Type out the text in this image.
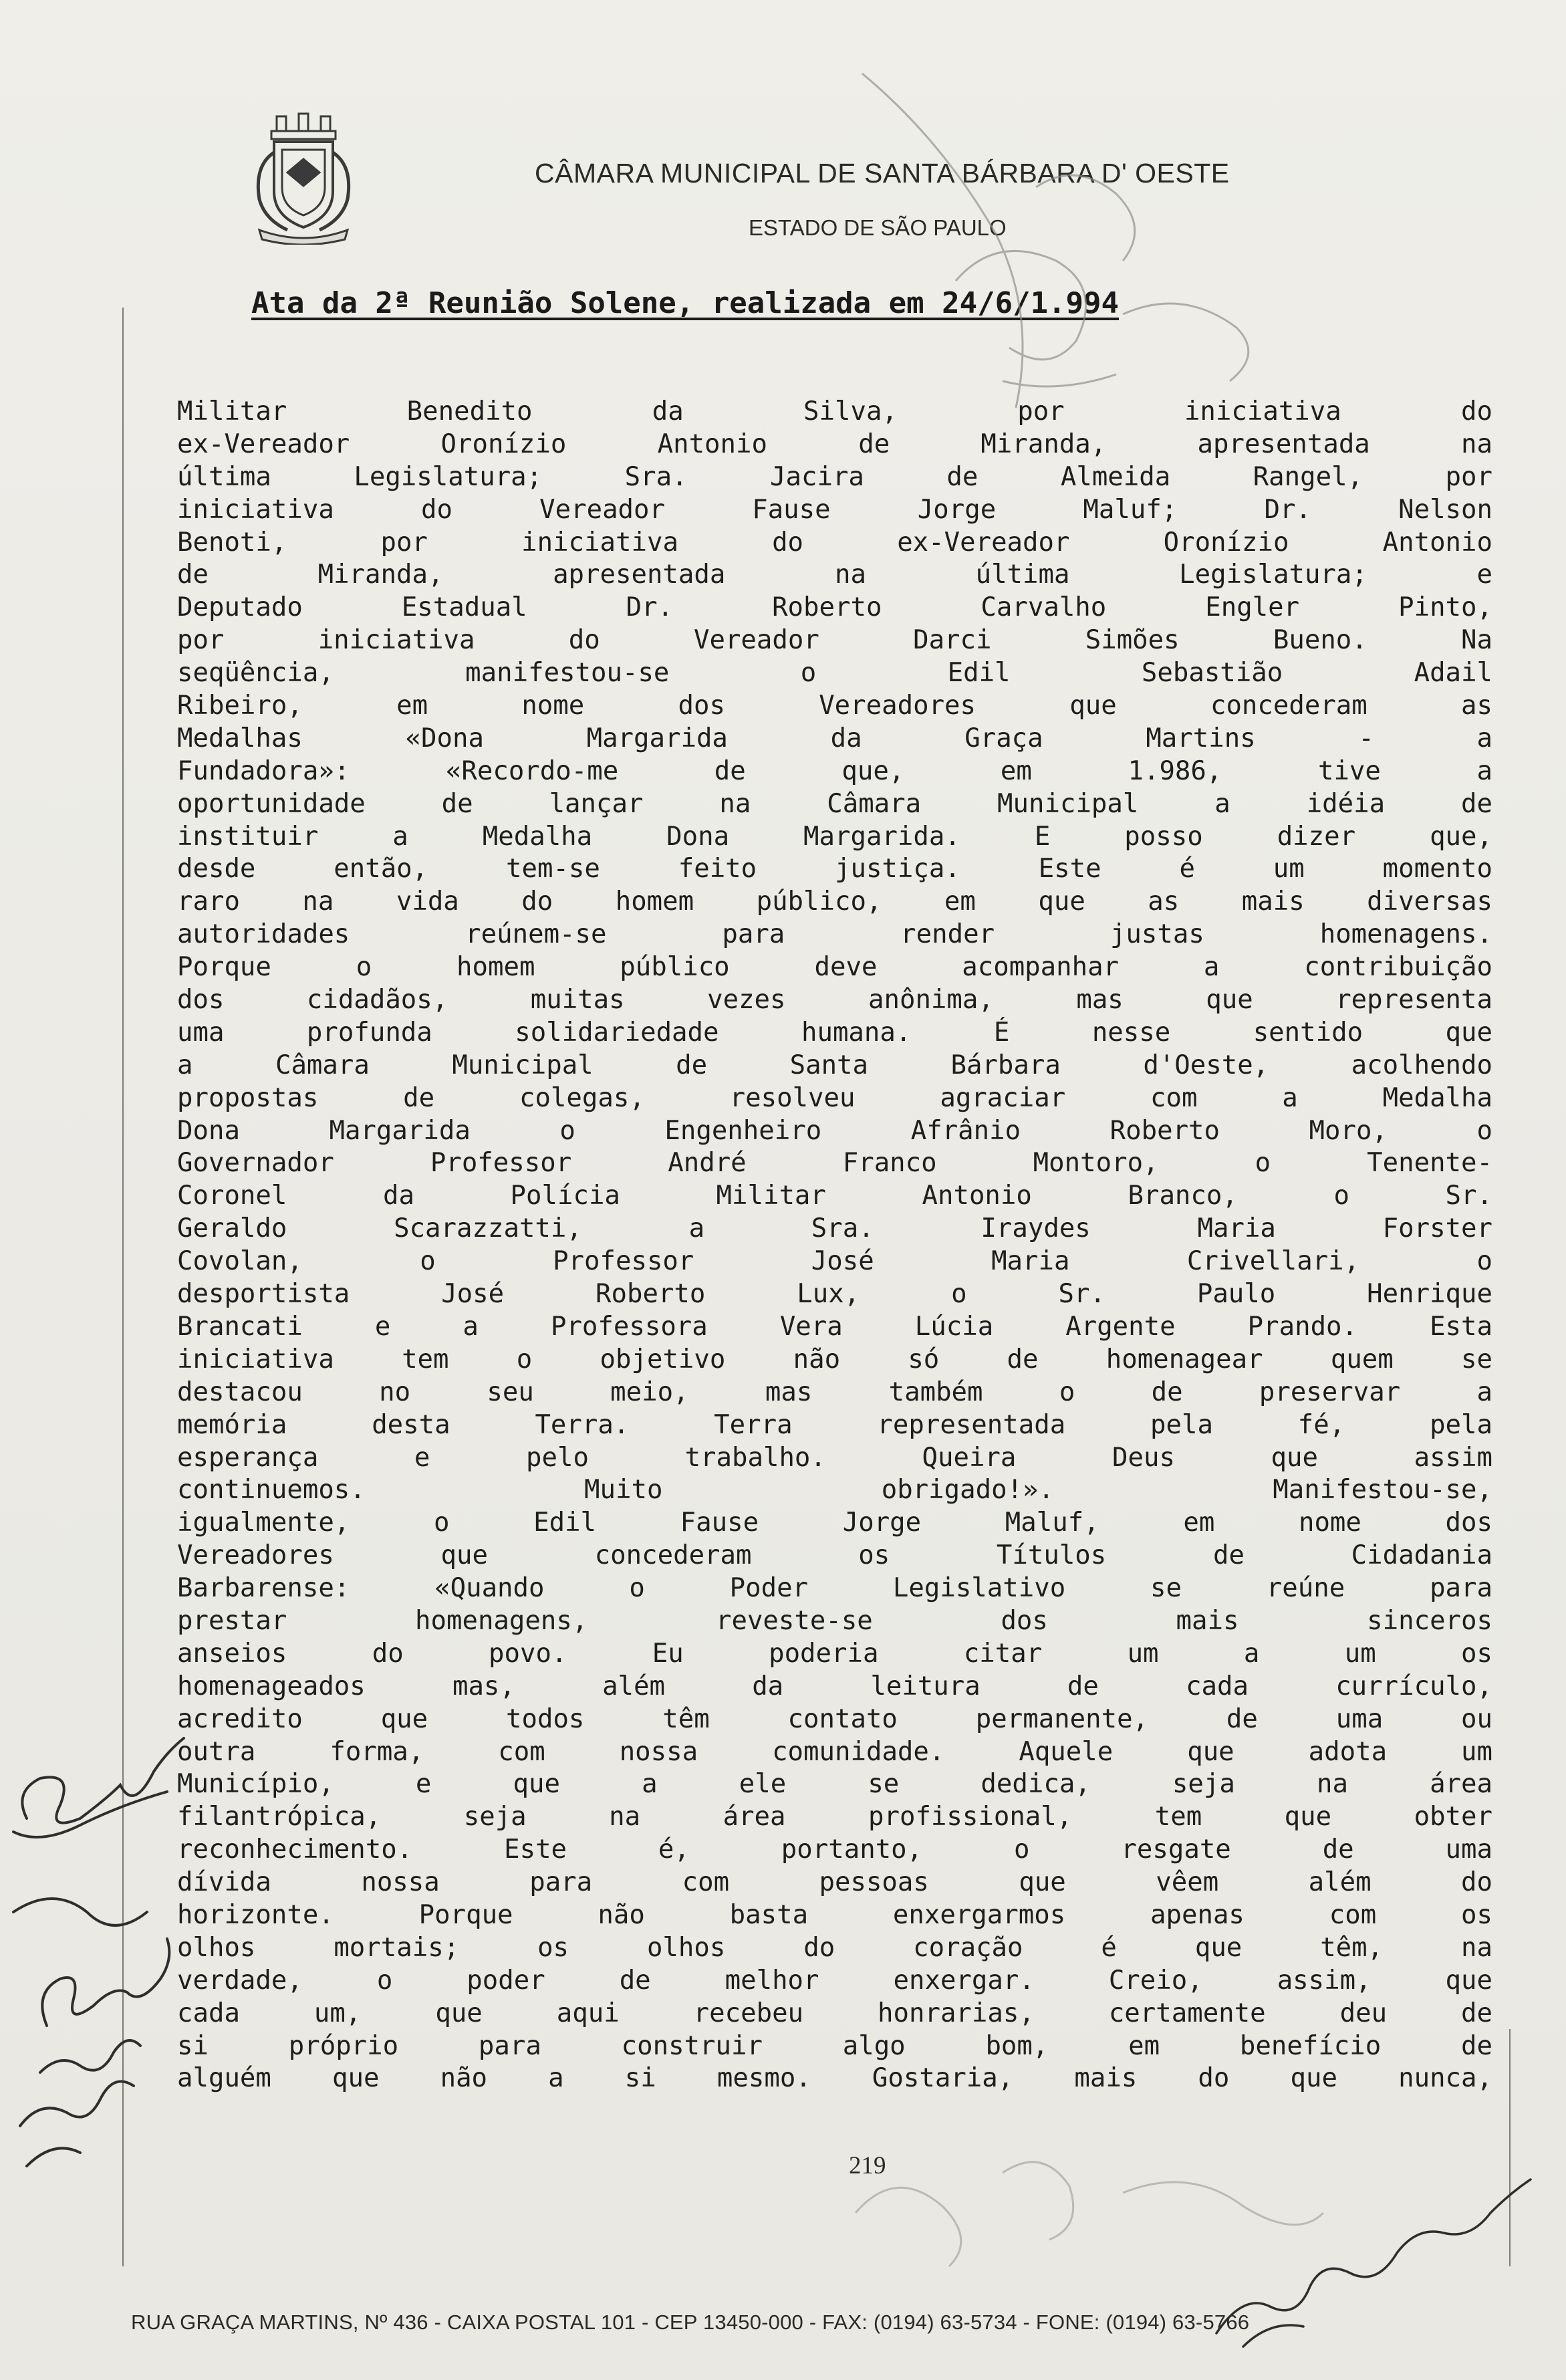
CÂMARA MUNICIPAL DE SANTA BÁRBARA D' OESTE
ESTADO DE SÃO PAULO
Ata da 2ª Reunião Solene, realizada em 24/6/1.994
Militar Benedito da Silva, por iniciativa do
ex-Vereador Oronízio Antonio de Miranda, apresentada na
última Legislatura; Sra. Jacira de Almeida Rangel, por
iniciativa do Vereador Fause Jorge Maluf; Dr. Nelson
Benoti, por iniciativa do ex-Vereador Oronízio Antonio
de Miranda, apresentada na última Legislatura; e
Deputado Estadual Dr. Roberto Carvalho Engler Pinto,
por iniciativa do Vereador Darci Simões Bueno. Na
seqüência, manifestou-se o Edil Sebastião Adail
Ribeiro, em nome dos Vereadores que concederam as
Medalhas «Dona Margarida da Graça Martins - a
Fundadora»: «Recordo-me de que, em 1.986, tive a
oportunidade de lançar na Câmara Municipal a idéia de
instituir a Medalha Dona Margarida. E posso dizer que,
desde então, tem-se feito justiça. Este é um momento
raro na vida do homem público, em que as mais diversas
autoridades reúnem-se para render justas homenagens.
Porque o homem público deve acompanhar a contribuição
dos cidadãos, muitas vezes anônima, mas que representa
uma profunda solidariedade humana. É nesse sentido que
a Câmara Municipal de Santa Bárbara d'Oeste, acolhendo
propostas de colegas, resolveu agraciar com a Medalha
Dona Margarida o Engenheiro Afrânio Roberto Moro, o
Governador Professor André Franco Montoro, o Tenente-
Coronel da Polícia Militar Antonio Branco, o Sr.
Geraldo Scarazzatti, a Sra. Iraydes Maria Forster
Covolan, o Professor José Maria Crivellari, o
desportista José Roberto Lux, o Sr. Paulo Henrique
Brancati e a Professora Vera Lúcia Argente Prando. Esta
iniciativa tem o objetivo não só de homenagear quem se
destacou no seu meio, mas também o de preservar a
memória desta Terra. Terra representada pela fé, pela
esperança e pelo trabalho. Queira Deus que assim
continuemos. Muito obrigado!». Manifestou-se,
igualmente, o Edil Fause Jorge Maluf, em nome dos
Vereadores que concederam os Títulos de Cidadania
Barbarense: «Quando o Poder Legislativo se reúne para
prestar homenagens, reveste-se dos mais sinceros
anseios do povo. Eu poderia citar um a um os
homenageados mas, além da leitura de cada currículo,
acredito que todos têm contato permanente, de uma ou
outra forma, com nossa comunidade. Aquele que adota um
Município, e que a ele se dedica, seja na área
filantrópica, seja na área profissional, tem que obter
reconhecimento. Este é, portanto, o resgate de uma
dívida nossa para com pessoas que vêem além do
horizonte. Porque não basta enxergarmos apenas com os
olhos mortais; os olhos do coração é que têm, na
verdade, o poder de melhor enxergar. Creio, assim, que
cada um, que aqui recebeu honrarias, certamente deu de
si próprio para construir algo bom, em benefício de
alguém que não a si mesmo. Gostaria, mais do que nunca,
219
RUA GRAÇA MARTINS, Nº 436 - CAIXA POSTAL 101 - CEP 13450-000 - FAX: (0194) 63-5734 - FONE: (0194) 63-5766
